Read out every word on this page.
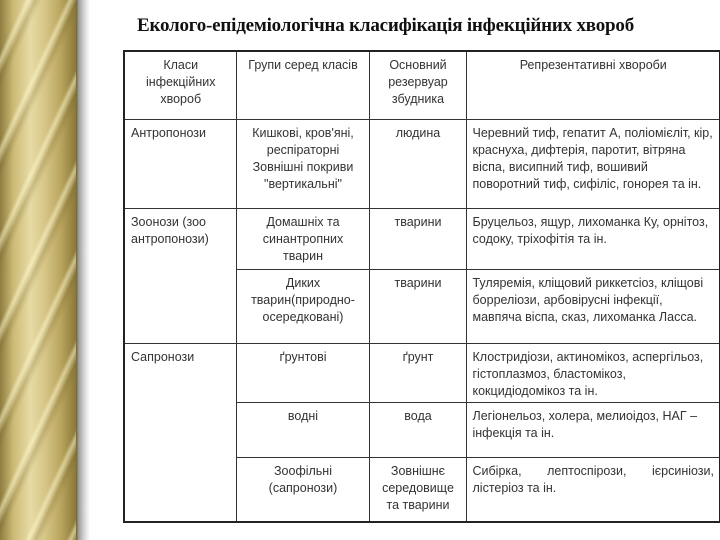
Еколого-епідеміологічна класифікація інфекційних хвороб
Класи інфекційних хвороб	Групи серед класів	Основний резервуар збудника	Репрезентативні хвороби
Антропонози	Кишкові, кров'яні, респіраторні Зовнішні покриви "вертикальні"	людина	Черевний тиф, гепатит А, поліомієліт, кір, краснуха, дифтерія, паротит, вітряна віспа, висипний тиф, вошивий поворотний тиф, сифіліс, гонорея та ін.
Зоонози (зоо антропонози)	Домашніх та синантропних тварин	тварини	Бруцельоз, ящур, лихоманка Ку, орнітоз, содоку, тріхофітія та ін.
	Диких тварин(природно-осередковані)	тварини	Туляремія, кліщовий риккетсіоз, кліщові борреліози, арбовірусні інфекції, мавпяча віспа, сказ, лихоманка Ласса.
Сапронози	ґрунтові	ґрунт	Клостридіози, актиномікоз, аспергільоз, гістоплазмоз, бластомікоз, кокцидіодомікоз та ін.
	водні	вода	Легіонельоз, холера, мелиоідоз, НАГ – інфекція та ін.
	Зоофільні (сапронози)	Зовнішнє середовище та тварини	Сибірка, лептоспірози, ієрсиніози, лістеріоз та ін.
